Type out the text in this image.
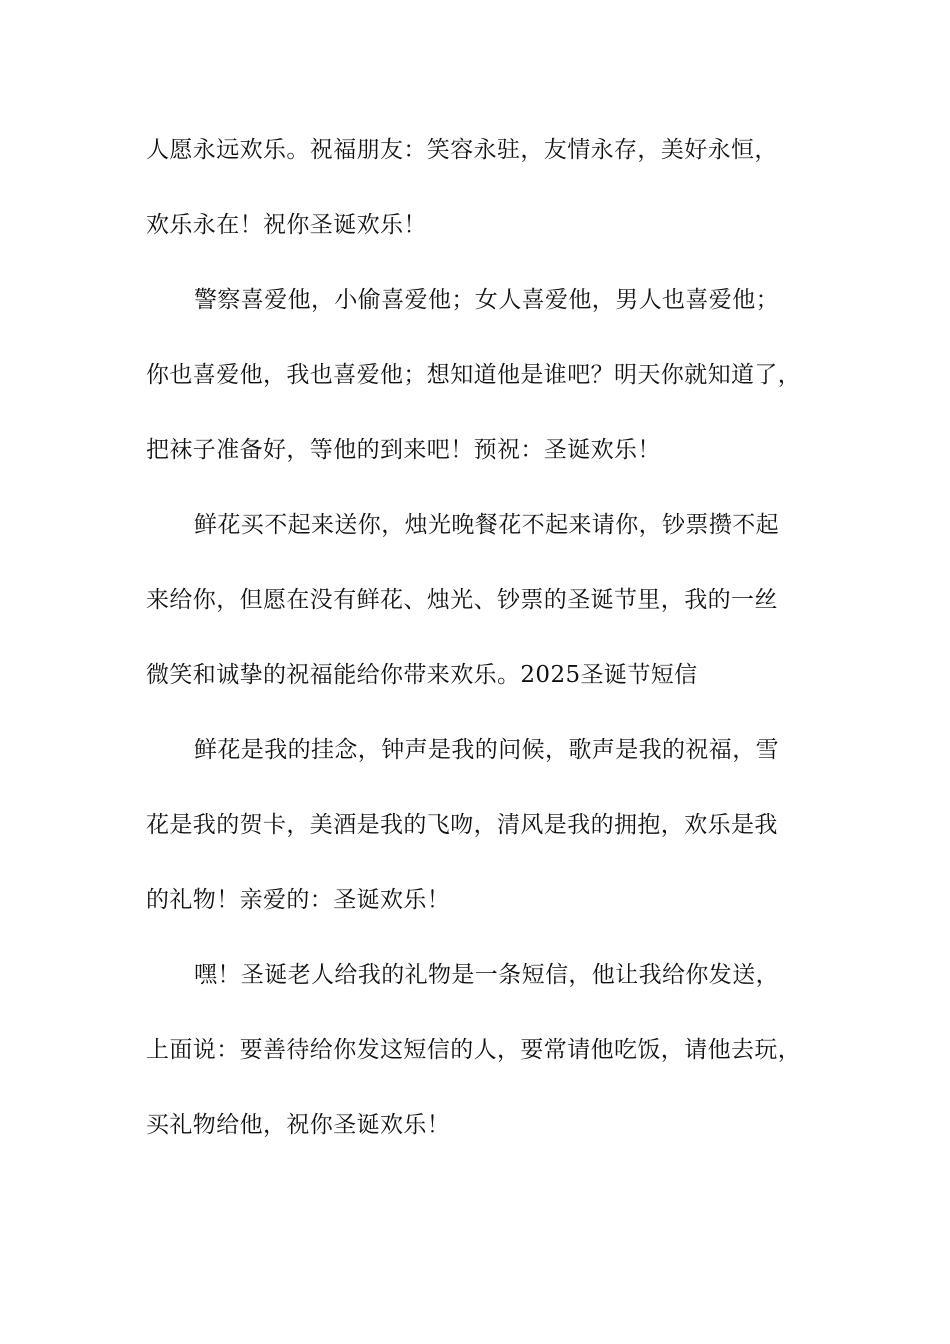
人愿永远欢乐。祝福朋友：笑容永驻，友情永存，美好永恒，
欢乐永在！祝你圣诞欢乐！
警察喜爱他，小偷喜爱他；女人喜爱他，男人也喜爱他；
你也喜爱他，我也喜爱他；想知道他是谁吧？明天你就知道了，
把袜子准备好，等他的到来吧！预祝：圣诞欢乐！
鲜花买不起来送你，烛光晚餐花不起来请你，钞票攒不起
来给你，但愿在没有鲜花、烛光、钞票的圣诞节里，我的一丝
微笑和诚挚的祝福能给你带来欢乐。2025圣诞节短信
鲜花是我的挂念，钟声是我的问候，歌声是我的祝福，雪
花是我的贺卡，美酒是我的飞吻，清风是我的拥抱，欢乐是我
的礼物！亲爱的：圣诞欢乐！
嘿！圣诞老人给我的礼物是一条短信，他让我给你发送，
上面说：要善待给你发这短信的人，要常请他吃饭，请他去玩，
买礼物给他，祝你圣诞欢乐！
